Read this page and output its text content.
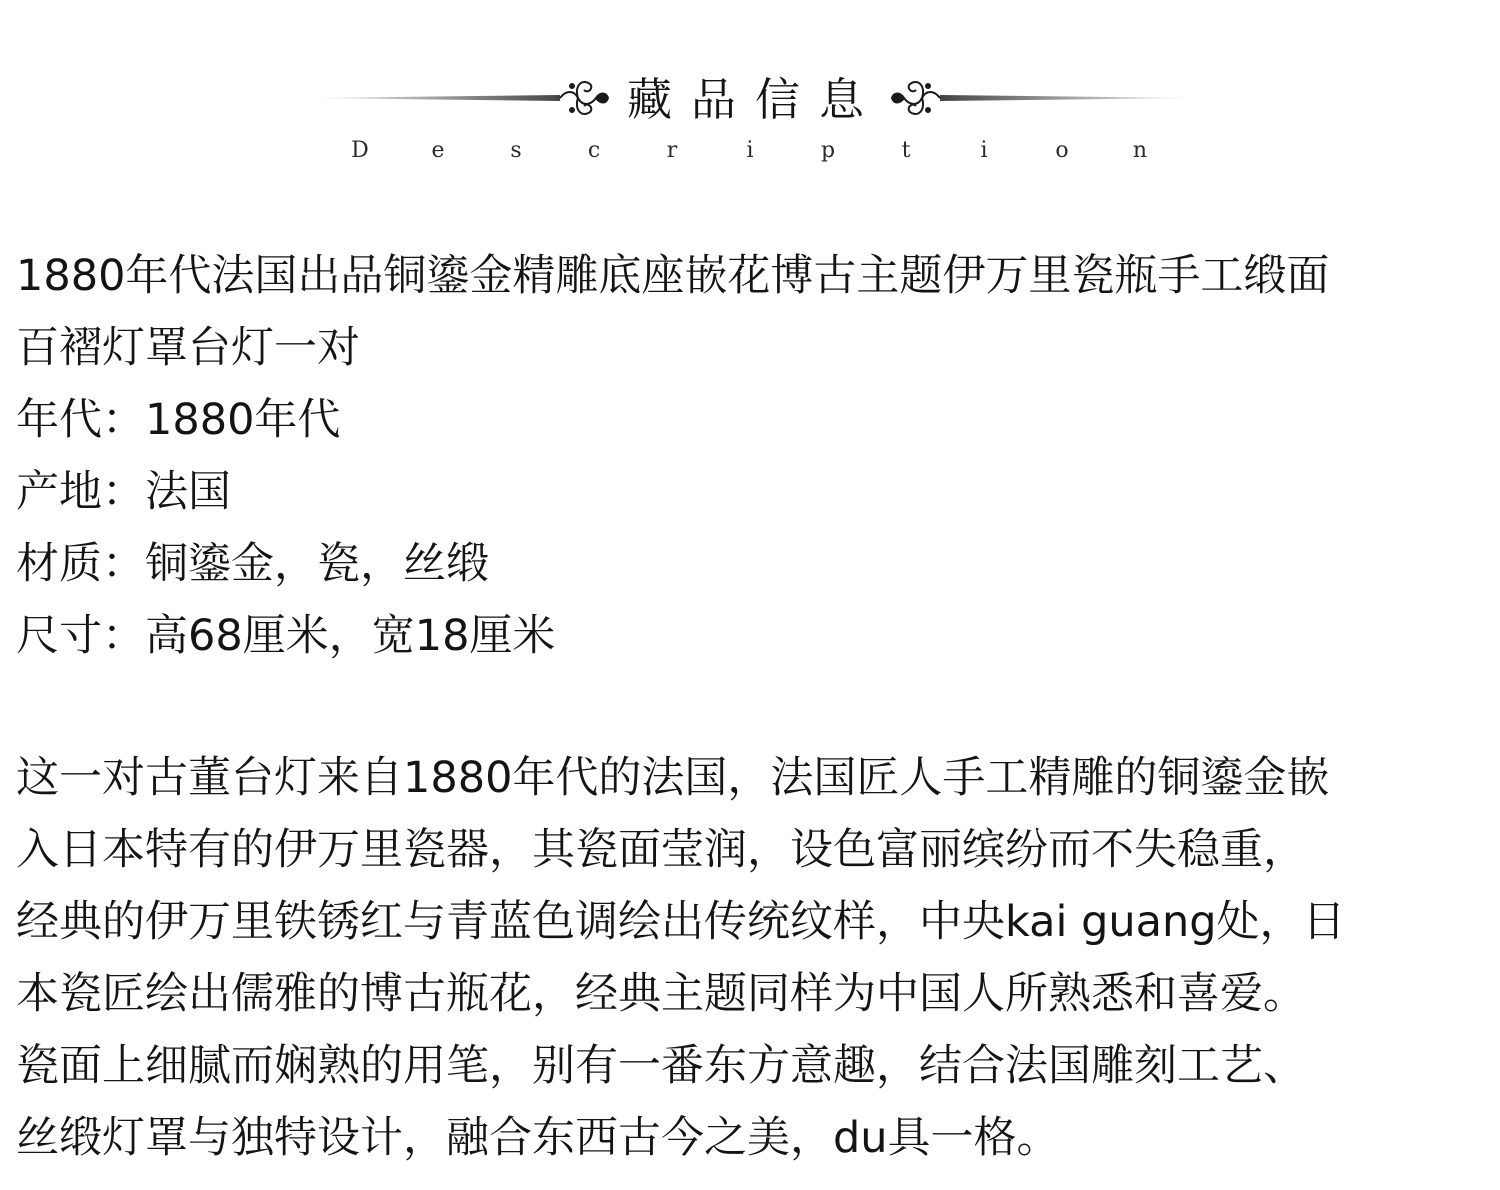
藏品信息
D	e	s	c	r	i	p	t	i	o	n
1880年代法国出品铜鎏金精雕底座嵌花博古主题伊万里瓷瓶手工缎面
百褶灯罩台灯一对
年代：1880年代
产地：法国
材质：铜鎏金，瓷，丝缎
尺寸：高68厘米，宽18厘米
这一对古董台灯来自1880年代的法国，法国匠人手工精雕的铜鎏金嵌
入日本特有的伊万里瓷器，其瓷面莹润，设色富丽缤纷而不失稳重，
经典的伊万里铁锈红与青蓝色调绘出传统纹样，中央kai guang处，日
本瓷匠绘出儒雅的博古瓶花，经典主题同样为中国人所熟悉和喜爱。
瓷面上细腻而娴熟的用笔，别有一番东方意趣，结合法国雕刻工艺、
丝缎灯罩与独特设计，融合东西古今之美，du具一格。
